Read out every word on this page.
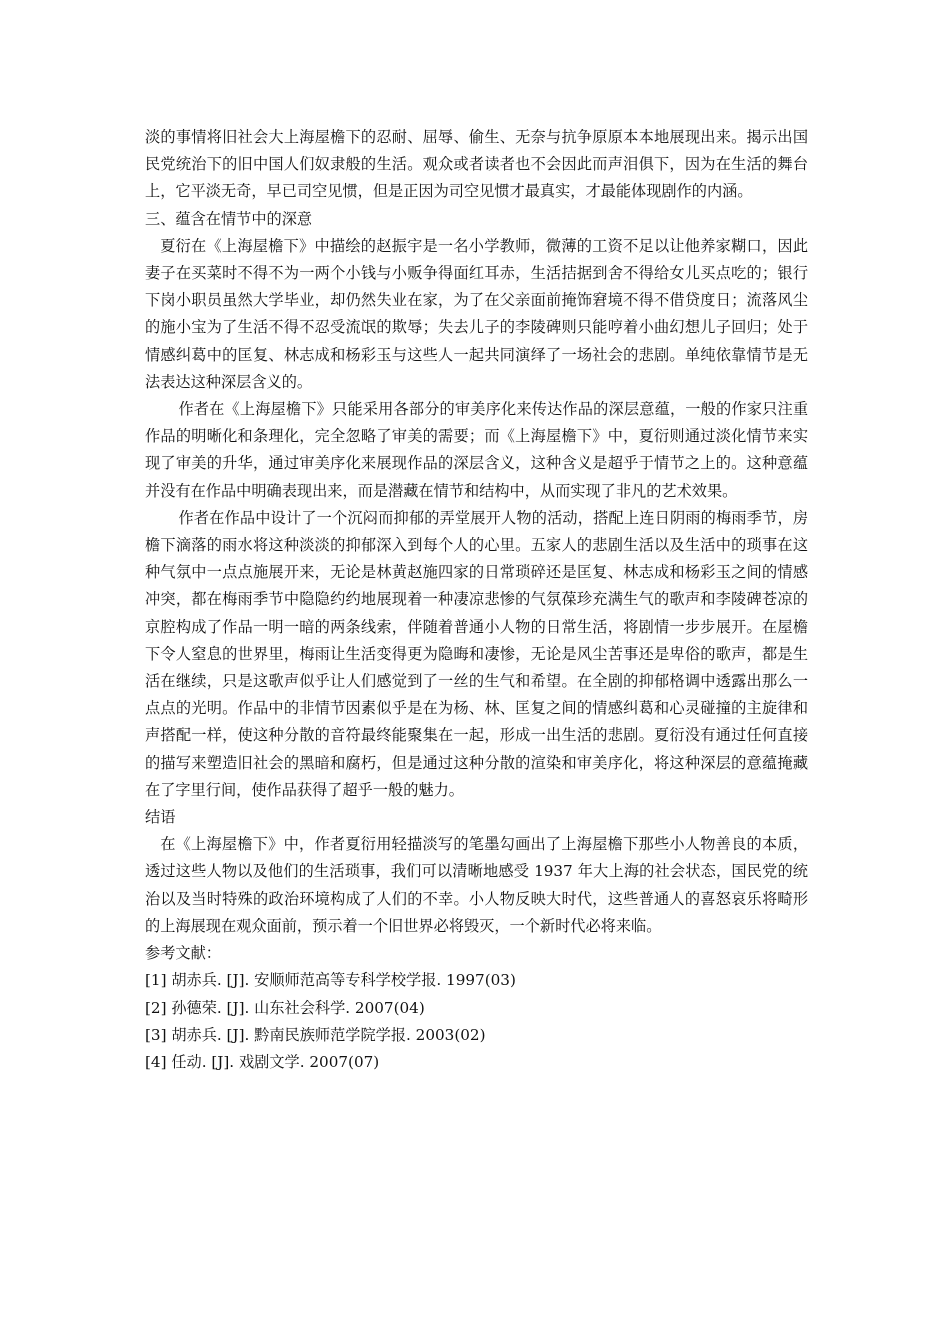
淡的事情将旧社会大上海屋檐下的忍耐、屈辱、偷生、无奈与抗争原原本本地展现出来。揭示出国民党统治下的旧中国人们奴隶般的生活。观众或者读者也不会因此而声泪俱下，因为在生活的舞台上，它平淡无奇，早已司空见惯，但是正因为司空见惯才最真实，才最能体现剧作的内涵。

三、蕴含在情节中的深意

夏衍在《上海屋檐下》中描绘的赵振宇是一名小学教师，微薄的工资不足以让他养家糊口，因此妻子在买菜时不得不为一两个小钱与小贩争得面红耳赤，生活拮据到舍不得给女儿买点吃的；银行下岗小职员虽然大学毕业，却仍然失业在家，为了在父亲面前掩饰窘境不得不借贷度日；流落风尘的施小宝为了生活不得不忍受流氓的欺辱；失去儿子的李陵碑则只能哼着小曲幻想儿子回归；处于情感纠葛中的匡复、林志成和杨彩玉与这些人一起共同演绎了一场社会的悲剧。单纯依靠情节是无法表达这种深层含义的。

作者在《上海屋檐下》只能采用各部分的审美序化来传达作品的深层意蕴，一般的作家只注重作品的明晰化和条理化，完全忽略了审美的需要；而《上海屋檐下》中，夏衍则通过淡化情节来实现了审美的升华，通过审美序化来展现作品的深层含义，这种含义是超乎于情节之上的。这种意蕴并没有在作品中明确表现出来，而是潜藏在情节和结构中，从而实现了非凡的艺术效果。

作者在作品中设计了一个沉闷而抑郁的弄堂展开人物的活动，搭配上连日阴雨的梅雨季节，房檐下滴落的雨水将这种淡淡的抑郁深入到每个人的心里。五家人的悲剧生活以及生活中的琐事在这种气氛中一点点施展开来，无论是林黄赵施四家的日常琐碎还是匡复、林志成和杨彩玉之间的情感冲突，都在梅雨季节中隐隐约约地展现着一种凄凉悲惨的气氛葆珍充满生气的歌声和李陵碑苍凉的京腔构成了作品一明一暗的两条线索，伴随着普通小人物的日常生活，将剧情一步步展开。在屋檐下令人窒息的世界里，梅雨让生活变得更为隐晦和凄惨，无论是风尘苦事还是卑俗的歌声，都是生活在继续，只是这歌声似乎让人们感觉到了一丝的生气和希望。在全剧的抑郁格调中透露出那么一点点的光明。作品中的非情节因素似乎是在为杨、林、匡复之间的情感纠葛和心灵碰撞的主旋律和声搭配一样，使这种分散的音符最终能聚集在一起，形成一出生活的悲剧。夏衍没有通过任何直接的描写来塑造旧社会的黑暗和腐朽，但是通过这种分散的渲染和审美序化，将这种深层的意蕴掩藏在了字里行间，使作品获得了超乎一般的魅力。

结语

在《上海屋檐下》中，作者夏衍用轻描淡写的笔墨勾画出了上海屋檐下那些小人物善良的本质，透过这些人物以及他们的生活琐事，我们可以清晰地感受 1937 年大上海的社会状态，国民党的统治以及当时特殊的政治环境构成了人们的不幸。小人物反映大时代，这些普通人的喜怒哀乐将畸形的上海展现在观众面前，预示着一个旧世界必将毁灭，一个新时代必将来临。

参考文献：
[1] 胡赤兵. [J]. 安顺师范高等专科学校学报. 1997(03)
[2] 孙德荣. [J]. 山东社会科学. 2007(04)
[3] 胡赤兵. [J]. 黔南民族师范学院学报. 2003(02)
[4] 任动. [J]. 戏剧文学. 2007(07)
